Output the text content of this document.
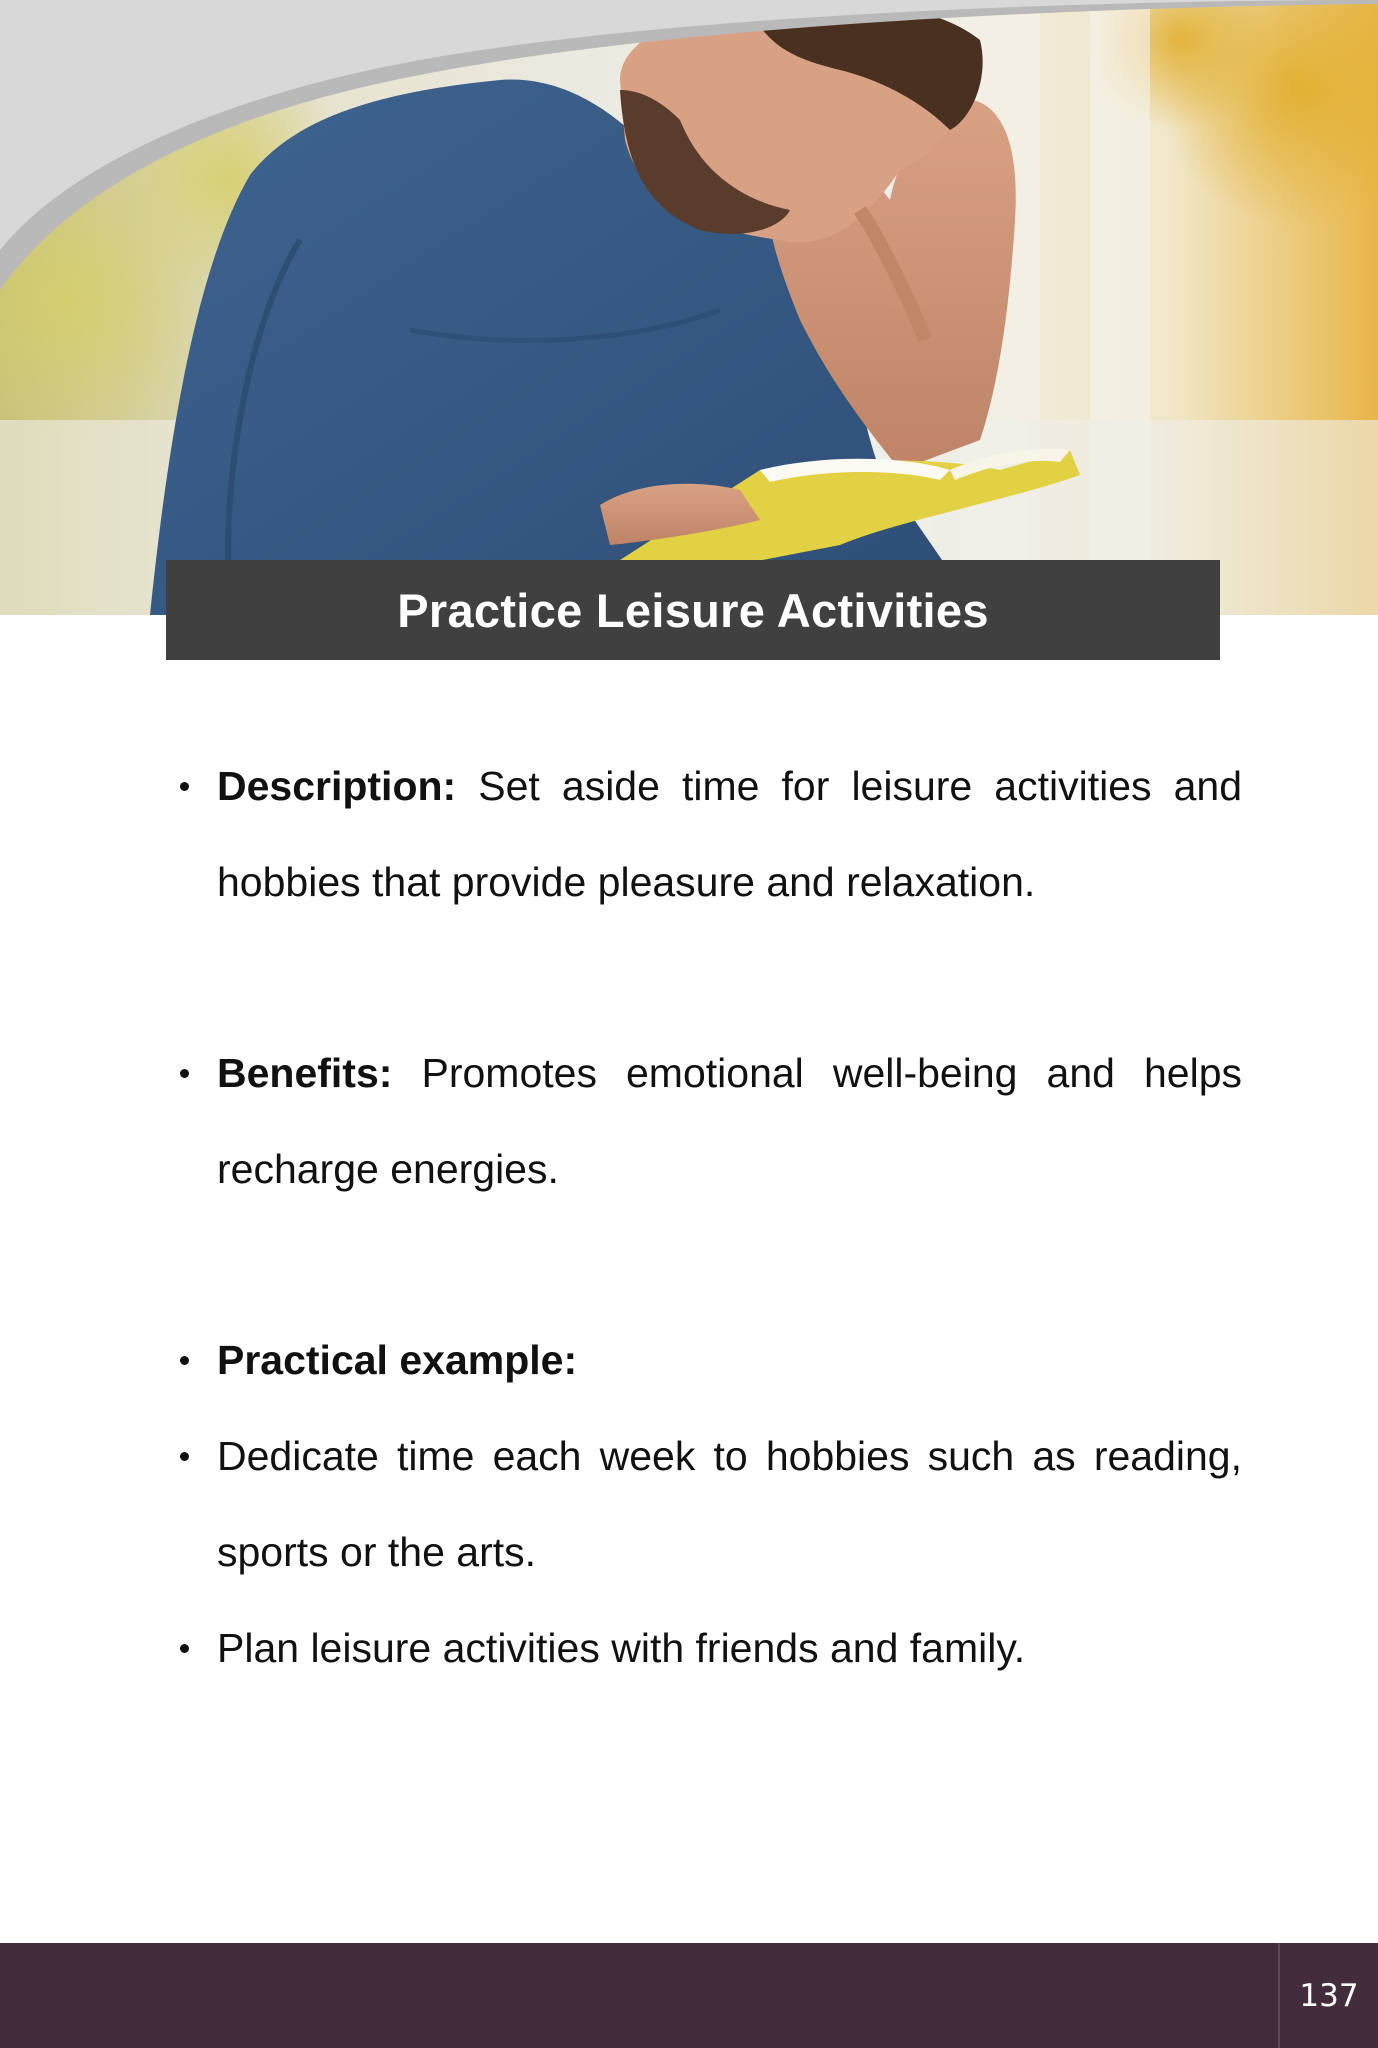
Practice Leisure Activities
Description: Set aside time for leisure activities and hobbies that provide pleasure and relaxation.
Benefits: Promotes emotional well-being and helps recharge energies.
Practical example:
Dedicate time each week to hobbies such as reading, sports or the arts.
Plan leisure activities with friends and family.
137
